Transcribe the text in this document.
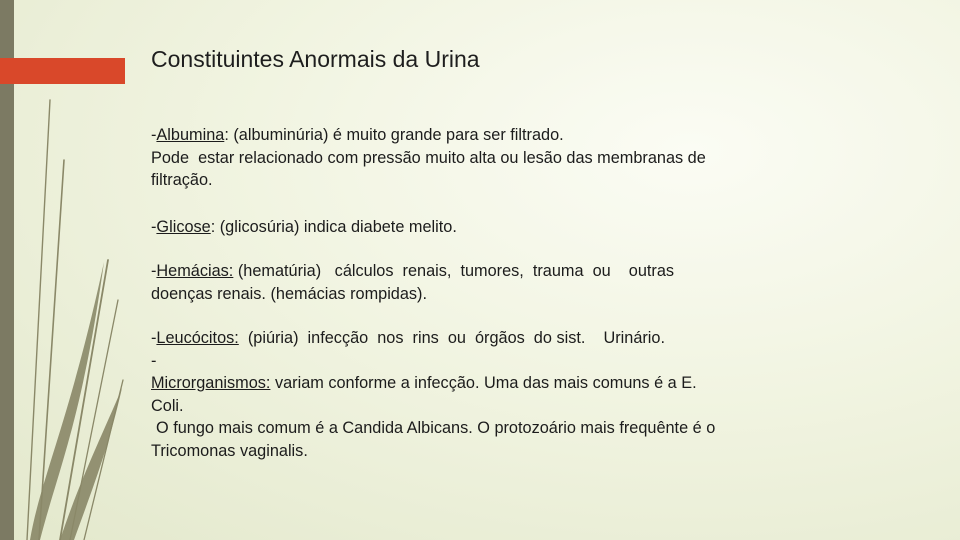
Constituintes Anormais da Urina

-Albumina: (albuminúria) é muito grande para ser filtrado.

Pode  estar relacionado com pressão muito alta ou lesão das membranas de

filtração.

-Glicose: (glicosúria) indica diabete melito.

-Hemácias: (hematúria)   cálculos  renais,  tumores,  trauma  ou    outras

doenças renais. (hemácias rompidas).

-Leucócitos:  (piúria)  infecção  nos  rins  ou  órgãos  do sist.    Urinário.

-

Microrganismos: variam conforme a infecção. Uma das mais comuns é a E.

Coli.

O fungo mais comum é a Candida Albicans. O protozoário mais frequênte é o

Tricomonas vaginalis.
